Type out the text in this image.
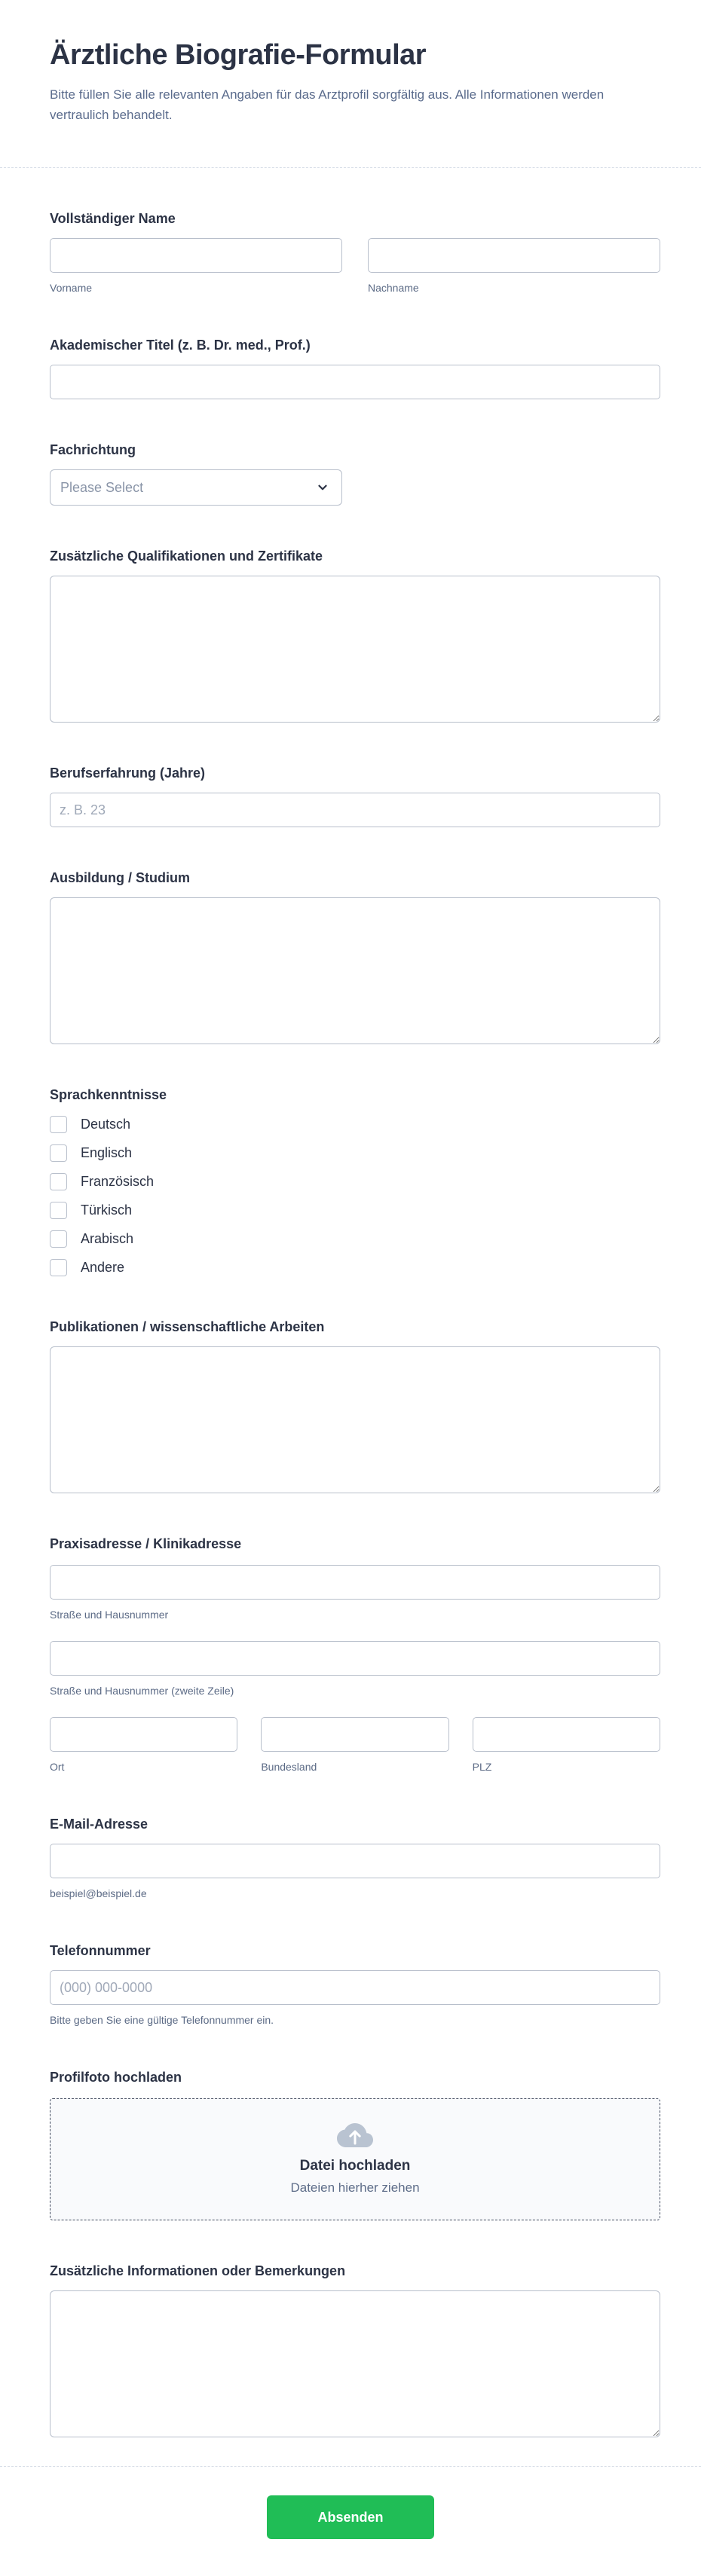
Ärztliche Biografie-Formular

Bitte füllen Sie alle relevanten Angaben für das Arztprofil sorgfältig aus. Alle Informationen werden vertraulich behandelt.

Vollständiger Name
Vorname	Nachname
Akademischer Titel (z. B. Dr. med., Prof.)
Fachrichtung
Please Select
Zusätzliche Qualifikationen und Zertifikate
Berufserfahrung (Jahre)
z. B. 23
Ausbildung / Studium
Sprachkenntnisse
Deutsch
Englisch
Französisch
Türkisch
Arabisch
Andere
Publikationen / wissenschaftliche Arbeiten
Praxisadresse / Klinikadresse
Straße und Hausnummer
Straße und Hausnummer (zweite Zeile)
Ort	Bundesland	PLZ
E-Mail-Adresse
beispiel@beispiel.de
Telefonnummer
(000) 000-0000
Bitte geben Sie eine gültige Telefonnummer ein.
Profilfoto hochladen
Datei hochladen
Dateien hierher ziehen
Zusätzliche Informationen oder Bemerkungen
Absenden
